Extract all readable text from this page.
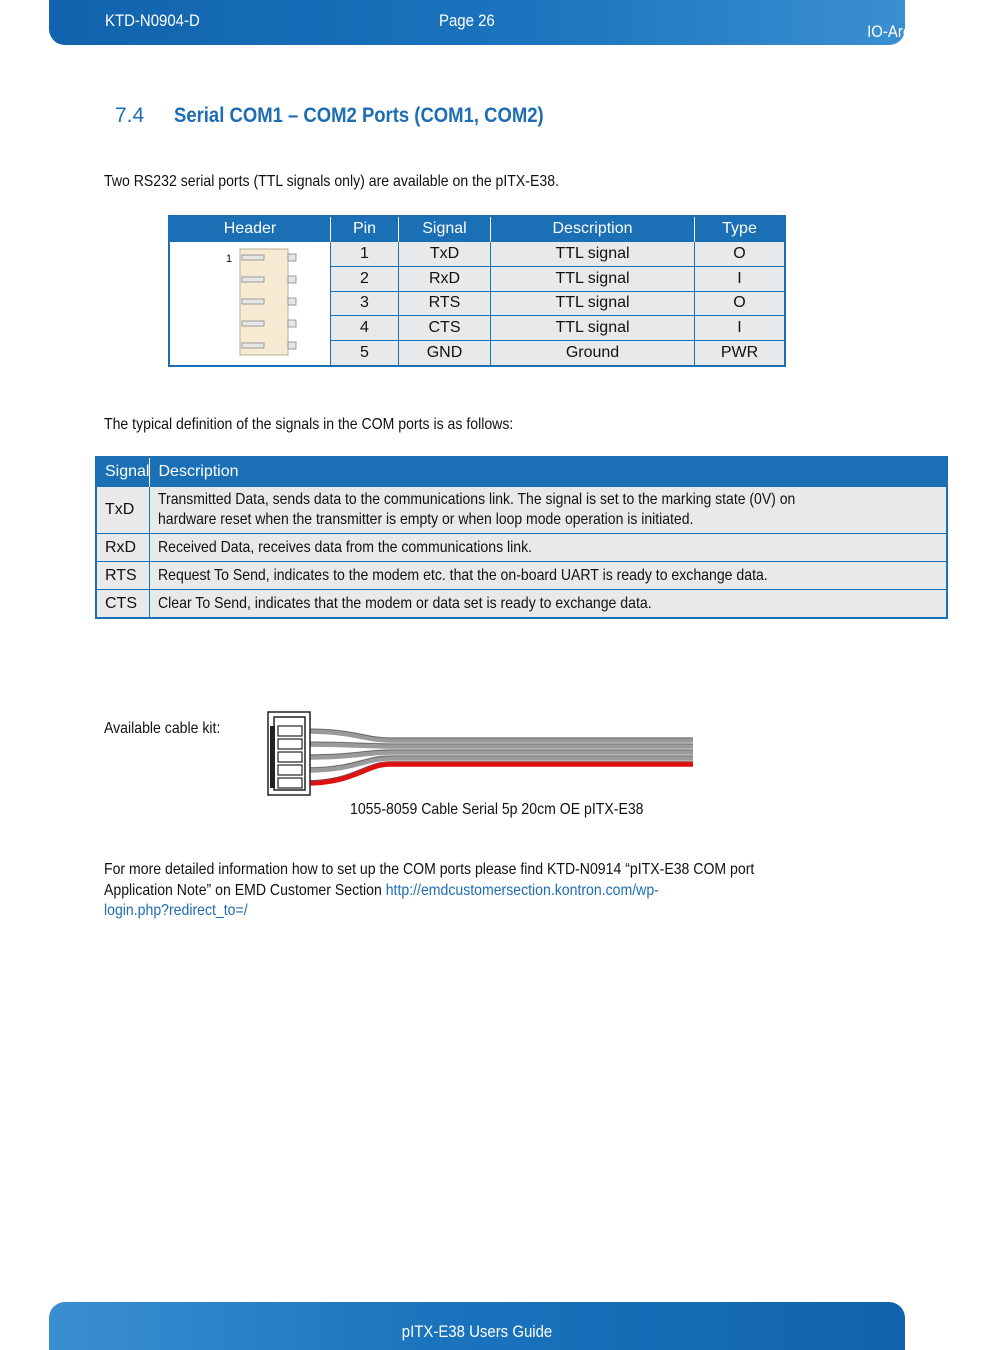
KTD-N0904-D	Page 26
IO-Area Connectors
7.4 Serial COM1 – COM2 Ports (COM1, COM2)

Two RS232 serial ports (TTL signals only) are available on the pITX-E38.

Header	Pin	Signal	Description	Type

1	1	TxD	TTL signal	O
	2	RxD	TTL signal	I
	3	RTS	TTL signal	O
	4	CTS	TTL signal	I
	5	GND	Ground	PWR

The typical definition of the signals in the COM ports is as follows:

Signal	Description
TxD	Transmitted Data, sends data to the communications link. The signal is set to the marking state (0V) on hardware reset when the transmitter is empty or when loop mode operation is initiated.

RxD	Received Data, receives data from the communications link.
RTS	Request To Send, indicates to the modem etc. that the on-board UART is ready to exchange data.
CTS	Clear To Send, indicates that the modem or data set is ready to exchange data.

Available cable kit:

1055-8059 Cable Serial 5p 20cm OE pITX-E38

For more detailed information how to set up the COM ports please find KTD-N0914 “pITX-E38 COM port
Application Note” on EMD Customer Section http://emdcustomersection.kontron.com/wp-
login.php?redirect_to=/

pITX-E38 Users Guide
